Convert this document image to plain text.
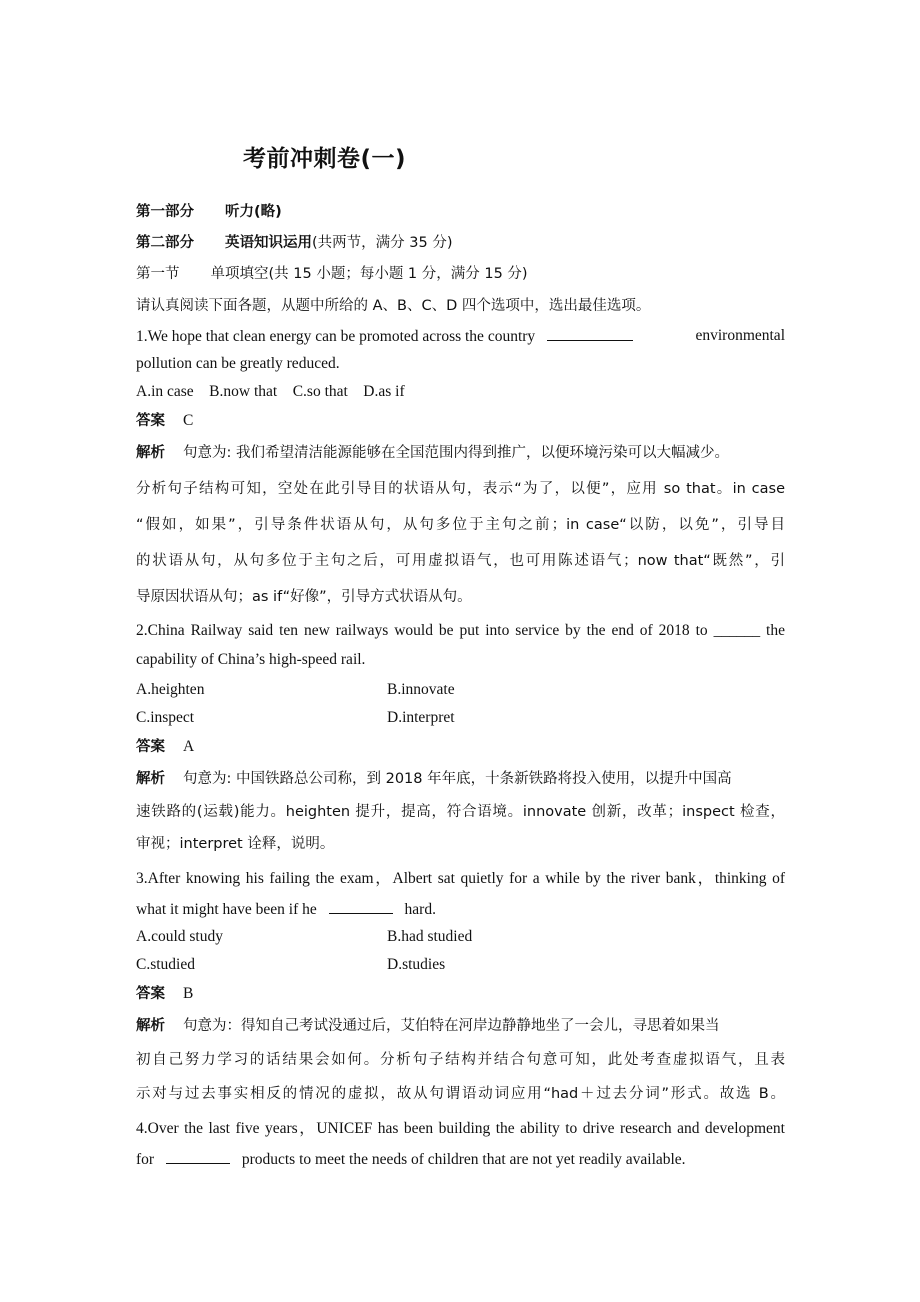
考前冲刺卷(一)
第一部分 听力(略)
第二部分 英语知识运用(共两节，满分 35 分)
第一节 单项填空(共 15 小题；每小题 1 分，满分 15 分)
请认真阅读下面各题，从题中所给的 A、B、C、D 四个选项中，选出最佳选项。
1.We hope that clean energy can be promoted across the country	environmental
pollution can be greatly reduced.
A.in case    B.now that    C.so that    D.as if
答案 C
解析 句意为: 我们希望清洁能源能够在全国范围内得到推广，以便环境污染可以大幅减少。
分析句子结构可知，空处在此引导目的状语从句，表示“为了，以便”，应用 so that。in case
“假如，如果”，引导条件状语从句，从句多位于主句之前；in case“以防，以免”，引导目
的状语从句，从句多位于主句之后，可用虚拟语气，也可用陈述语气；now that“既然”，引
导原因状语从句；as if“好像”，引导方式状语从句。
2.China Railway said ten new railways would be put into service by the end of 2018 to ______ the
capability of China’s high-speed rail.
A.heighten	B.innovate
C.inspect	D.interpret
答案 A
解析 句意为: 中国铁路总公司称，到 2018 年年底，十条新铁路将投入使用，以提升中国高
速铁路的(运载)能力。heighten 提升，提高，符合语境。innovate 创新，改革；inspect 检查，
审视；interpret 诠释，说明。
3.After knowing his failing the exam，Albert sat quietly for a while by the river bank，thinking of
what it might have been if he	hard.
A.could study	B.had studied
C.studied	D.studies
答案 B
解析 句意为：得知自己考试没通过后，艾伯特在河岸边静静地坐了一会儿，寻思着如果当
初自己努力学习的话结果会如何。分析句子结构并结合句意可知，此处考查虚拟语气，且表
示对与过去事实相反的情况的虚拟，故从句谓语动词应用“had＋过去分词”形式。故选 B。
4.Over the last five years，UNICEF has been building the ability to drive research and development
for	products to meet the needs of children that are not yet readily available.
